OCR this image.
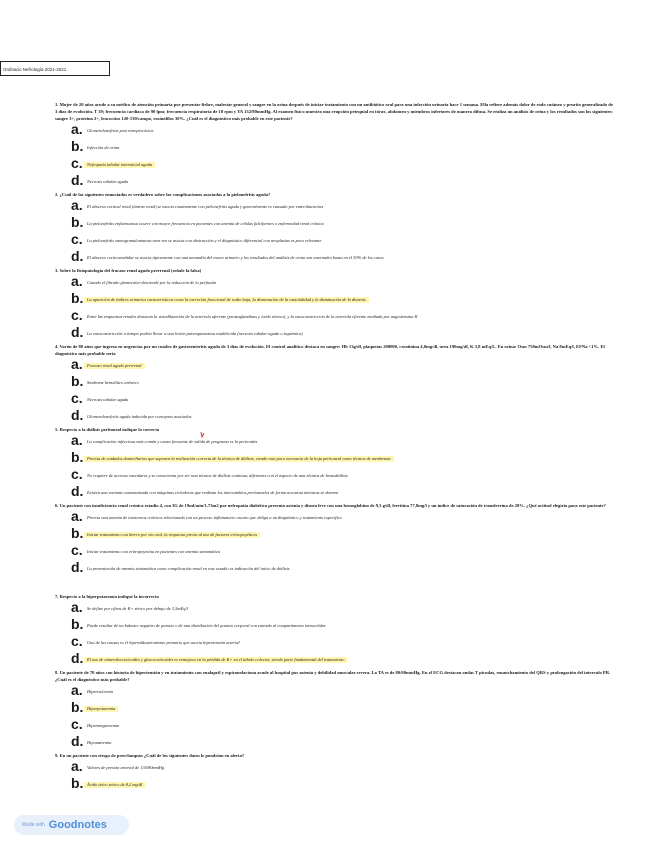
Ordinario Nefrología 2021-2021

1. Mujer de 20 años acude a su médico de atención primaria por presentar fiebre, malestar general y sangre en la orina después de iniciar tratamiento con un antibiótico oral para una infección urinaria hace 1 semana. Ella refiere además dolor de rodo cutáneo y prurito generalizado de 3 días de evolución. T 39; frecuencia cardiaca de 90 lpm; frecuencia respiratoria de 18 rpm y TA 132/80mmHg. Al examen físico muestra una erupción petequial en tórax, abdomen y miembros inferiores de manera difusa. Se realiza un análisis de orina y los resultados son los siguientes: sangre 3+, proteína 2+, leucocitos 120-130/campo, eosinófilos 30%. ¿Cuál es el diagnóstico más probable en este paciente?

a. Glomerulonefritis post estreptocócica
b. Infección de orina
c. Nefropatía tubular intersticial aguda
d. Necrosis tubular aguda

2. ¿Cuál de las siguientes enunciados es verdadero sobre las complicaciones asociadas a la pielonefritis aguda?

a. El absceso cortical renal (ántrax renal) se asocia comúnmente con pielonefritis aguda y generalmente es causado por enterobacterias
b. La pielonefritis enfisematosa ocurre con mayor frecuencia en pacientes con anemia de células falciformes o enfermedad renal crónica
c. La pielonefritis xantogranulomatosa rara vez se asocia con obstrucción y el diagnóstico diferencial con neoplasias es poco relevante
d. El absceso corticomedular se asocia típicamente con una anomalía del tracto urinario y los resultados del análisis de orina son anormales hasta en el 30% de los casos

3. Sobre la fisiopatología del fracaso renal agudo prerrenal (señale la falsa)

a. Cuando el filtrado glomerular desciende por la reducción de la perfusión
b. La aparición de índices urinarios característicos como la excreción fraccional de sodio baja, la disminución de la osmolalidad y la disminución de la diuresis
c. Entre las respuestas renales destacan la vasodilatación de la arteriola aferente (prostaglandinas y óxido nítrico), y la vasoconstricción de la arteriola eferente mediada por angiotensina II
d. La vasoconstricción a tiempo podría llevar a una lesión parenquimatosa establecida (necrosis tubular aguda o isquémica)

4. Varón de 80 años que ingresa en urgencias por un cuadro de gastroenteritis aguda de 3 días de evolución. El control analítico destaca en sangre: Hb 13g/dl, plaquetas 200000, creatinina 4,0mg/dl, urea 190mg/dl, K 3,8 mEq/L. En orina: Osm 750mOsm/l, Na 8mEq/l, EFNa <1%. El diagnóstico más probable sería

a. Fracaso renal agudo prerrenal
b. Síndrome hemolítico urémico
c. Necrosis tubular aguda
d. Glomerulonefritis aguda inducida por conceptos asociados

5. Respecto a la diálisis peritoneal indique la correcta

a. La complicación infecciosa más común y causa frecuente de salida de programa es la peritonitis
b. Precisa de cuidados domiciliarios que suponen la realización correcta de la técnica de diálisis, siendo esta poco necesaria de la hoja peritoneal como técnica de membrana
c. No requiere de accesos vasculares y se caracteriza por ser una técnica de diálisis continua, diferentes con el aspecto de una técnica de hemodiálisis
d. Existen una variante automatizada con máquinas cicladoras que realizan los intercambios peritoneales de forma nocturna mientras se duerme

6. Un paciente con insuficiencia renal crónica estadio 4, con IG de 19ml/min/1.73m2 por nefropatía diabética presenta astenia y disnea leve con una hemoglobina de 9,3 g/dl, ferritina 77,8mg/l y un índice de saturación de transferrina de 20%. ¿Qué actitud elegiría para este paciente?

a. Precisa una anemia de trastornos crónicos relacionada con un proceso inflamatorio oscuro que obliga a un diagnóstico y tratamiento específico
b. Iniciar tratamiento con hierro por vía oral, la respuesta previa al uso de factores eritropoyéticos
c. Iniciar tratamiento con eritropoyetina en pacientes con anemia sintomática
d. La presentación de anemia sintomática como complicación renal en este estadio es indicación del inicio de diálisis

7. Respecto a la hiperpotasemia indique la incorrecta

a. Se define por cifras de K+ sérico por debajo de 3,5mEq/l
b. Puede resultar de un balance negativo de potasio o de una distribución del potasio corporal con entrada al compartimento intracelular
c. Una de las causas es el hiperaldosteronismo primario que asocia hipertensión arterial
d. El uso de mineralocorticoides y glucocorticoides es ventajoso en la pérdida de K+ en el túbulo colector, siendo parte fundamental del tratamiento

8. Un paciente de 70 años con historia de hipertensión y en tratamiento con enalapril y espironolactona acude al hospital por astenia y debilidad muscular severa. La TA es de 80/60mmHg. En el ECG destacan ondas T picudas, ensanchamiento del QRS y prolongación del intervalo PR. ¿Cuál es el diagnóstico más probable?

a. Hipercalcemia
b. Hiperpotasemia
c. Hipermagnesemia
d. Hiponatremia

9. En un paciente con riesgo de preeclampsia ¿Cuál de los siguientes datos le pondrían en alerta?

a. Valores de presión arterial de 130/80mmHg
b. Ácido úrico sérico de 8,2 mg/dl
Made with Goodnotes
